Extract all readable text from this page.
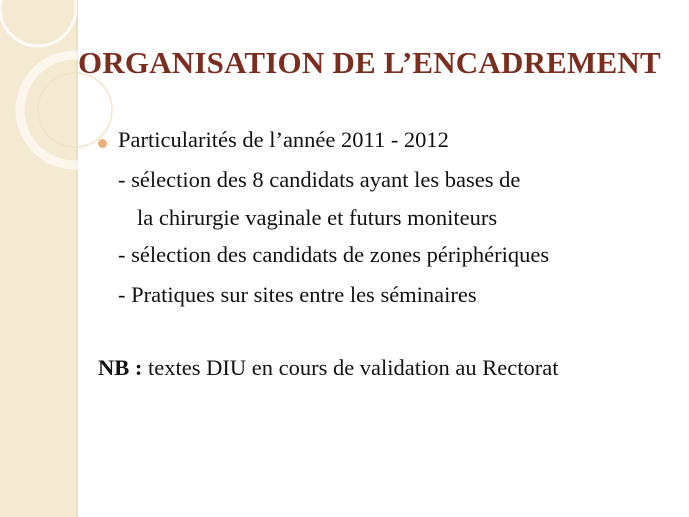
ORGANISATION DE L’ENCADREMENT
Particularités de l’année 2011 - 2012
- sélection des 8 candidats ayant les bases de
la chirurgie vaginale et futurs moniteurs
- sélection des candidats de zones périphériques
- Pratiques sur sites entre les séminaires
NB : textes DIU en cours de validation au Rectorat
